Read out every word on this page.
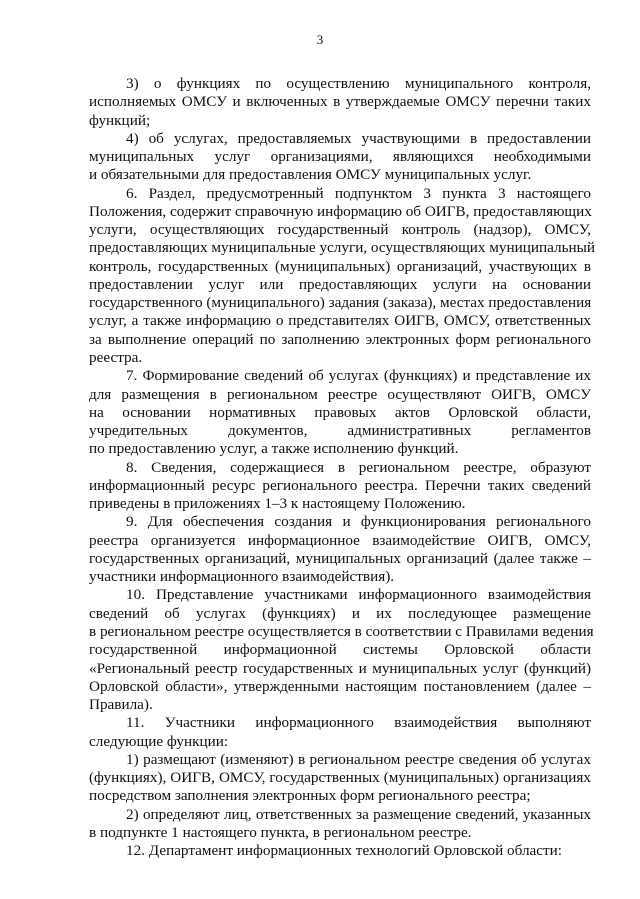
3
3) о функциях по осуществлению муниципального контроля,
исполняемых ОМСУ и включенных в утверждаемые ОМСУ перечни таких
функций;
4) об услугах, предоставляемых участвующими в предоставлении
муниципальных услуг организациями, являющихся необходимыми
и обязательными для предоставления ОМСУ муниципальных услуг.
6. Раздел, предусмотренный подпунктом 3 пункта 3 настоящего
Положения, содержит справочную информацию об ОИГВ, предоставляющих
услуги, осуществляющих государственный контроль (надзор), ОМСУ,
предоставляющих муниципальные услуги, осуществляющих муниципальный
контроль, государственных (муниципальных) организаций, участвующих в
предоставлении услуг или предоставляющих услуги на основании
государственного (муниципального) задания (заказа), местах предоставления
услуг, а также информацию о представителях ОИГВ, ОМСУ, ответственных
за выполнение операций по заполнению электронных форм регионального
реестра.
7. Формирование сведений об услугах (функциях) и представление их
для размещения в региональном реестре осуществляют ОИГВ, ОМСУ
на основании нормативных правовых актов Орловской области,
учредительных документов, административных регламентов
по предоставлению услуг, а также исполнению функций.
8. Сведения, содержащиеся в региональном реестре, образуют
информационный ресурс регионального реестра. Перечни таких сведений
приведены в приложениях 1–3 к настоящему Положению.
9. Для обеспечения создания и функционирования регионального
реестра организуется информационное взаимодействие ОИГВ, ОМСУ,
государственных организаций, муниципальных организаций (далее также –
участники информационного взаимодействия).
10. Представление участниками информационного взаимодействия
сведений об услугах (функциях) и их последующее размещение
в региональном реестре осуществляется в соответствии с Правилами ведения
государственной информационной системы Орловской области
«Региональный реестр государственных и муниципальных услуг (функций)
Орловской области», утвержденными настоящим постановлением (далее –
Правила).
11. Участники информационного взаимодействия выполняют
следующие функции:
1) размещают (изменяют) в региональном реестре сведения об услугах
(функциях), ОИГВ, ОМСУ, государственных (муниципальных) организациях
посредством заполнения электронных форм регионального реестра;
2) определяют лиц, ответственных за размещение сведений, указанных
в подпункте 1 настоящего пункта, в региональном реестре.
12. Департамент информационных технологий Орловской области:
